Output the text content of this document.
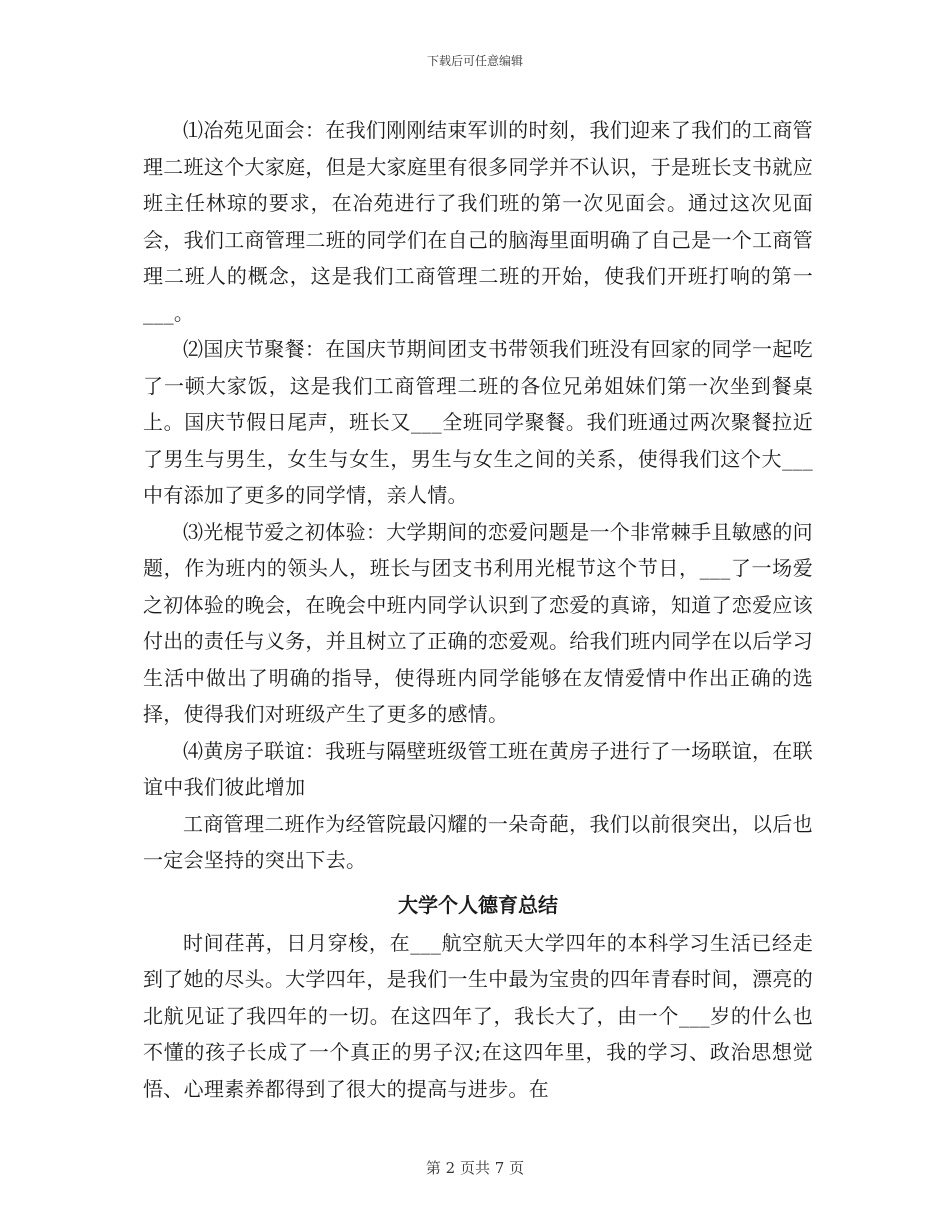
下载后可任意编辑

⑴冶苑见面会：在我们刚刚结束军训的时刻，我们迎来了我们的工商管理二班这个大家庭，但是大家庭里有很多同学并不认识，于是班长支书就应班主任林琼的要求，在冶苑进行了我们班的第一次见面会。通过这次见面会，我们工商管理二班的同学们在自己的脑海里面明确了自己是一个工商管理二班人的概念，这是我们工商管理二班的开始，使我们开班打响的第一___。

⑵国庆节聚餐：在国庆节期间团支书带领我们班没有回家的同学一起吃了一顿大家饭，这是我们工商管理二班的各位兄弟姐妹们第一次坐到餐桌上。国庆节假日尾声，班长又___全班同学聚餐。我们班通过两次聚餐拉近了男生与男生，女生与女生，男生与女生之间的关系，使得我们这个大___中有添加了更多的同学情，亲人情。

⑶光棍节爱之初体验：大学期间的恋爱问题是一个非常棘手且敏感的问题，作为班内的领头人，班长与团支书利用光棍节这个节日，___了一场爱之初体验的晚会，在晚会中班内同学认识到了恋爱的真谛，知道了恋爱应该付出的责任与义务，并且树立了正确的恋爱观。给我们班内同学在以后学习生活中做出了明确的指导，使得班内同学能够在友情爱情中作出正确的选择，使得我们对班级产生了更多的感情。

⑷黄房子联谊：我班与隔壁班级管工班在黄房子进行了一场联谊，在联谊中我们彼此增加

工商管理二班作为经管院最闪耀的一朵奇葩，我们以前很突出，以后也一定会坚持的突出下去。

大学个人德育总结

时间荏苒，日月穿梭，在___航空航天大学四年的本科学习生活已经走到了她的尽头。大学四年，是我们一生中最为宝贵的四年青春时间，漂亮的北航见证了我四年的一切。在这四年了，我长大了，由一个___岁的什么也不懂的孩子长成了一个真正的男子汉;在这四年里，我的学习、政治思想觉悟、心理素养都得到了很大的提高与进步。在

第 2 页共 7 页
